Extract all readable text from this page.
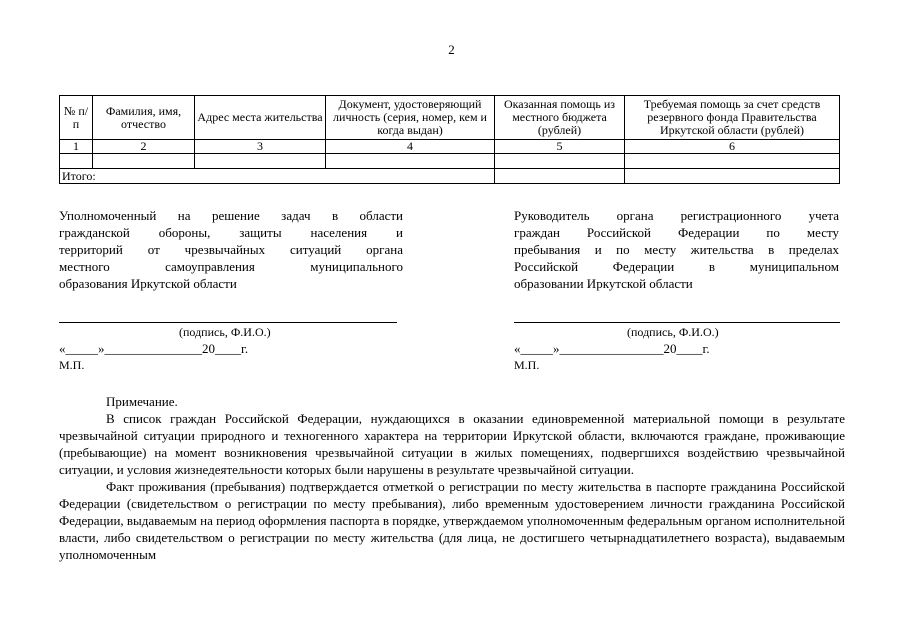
2
№ п/п	Фамилия, имя, отчество	Адрес места жительства	Документ, удостоверяющий личность (серия, номер, кем и когда выдан)	Оказанная помощь из местного бюджета (рублей)	Требуемая помощь за счет средств резервного фонда Правительства Иркутской области (рублей)
1	2	3	4	5	6

Итого:					
Уполномоченный на решение задач в области
гражданской обороны, защиты населения и
территорий от чрезвычайных ситуаций органа
местного самоуправления муниципального
образования Иркутской области
(подпись, Ф.И.О.)
«_____»_______________20____г.
М.П.
Руководитель органа регистрационного учета
граждан Российской Федерации по месту
пребывания и по месту жительства в пределах
Российской Федерации в муниципальном
образовании Иркутской области
(подпись, Ф.И.О.)
«_____»________________20____г.
М.П.

Примечание.

В список граждан Российской Федерации, нуждающихся в оказании единовременной материальной помощи в результате чрезвычайной ситуации природного и техногенного характера на территории Иркутской области, включаются граждане, проживающие (пребывающие) на момент возникновения чрезвычайной ситуации в жилых помещениях, подвергшихся воздействию чрезвычайной ситуации, и условия жизнедеятельности которых были нарушены в результате чрезвычайной ситуации.

Факт проживания (пребывания) подтверждается отметкой о регистрации по месту жительства в паспорте гражданина Российской Федерации (свидетельством о регистрации по месту пребывания), либо временным удостоверением личности гражданина Российской Федерации, выдаваемым на период оформления паспорта в порядке, утверждаемом уполномоченным федеральным органом исполнительной власти, либо свидетельством о регистрации по месту жительства (для лица, не достигшего четырнадцатилетнего возраста), выдаваемым уполномоченным
